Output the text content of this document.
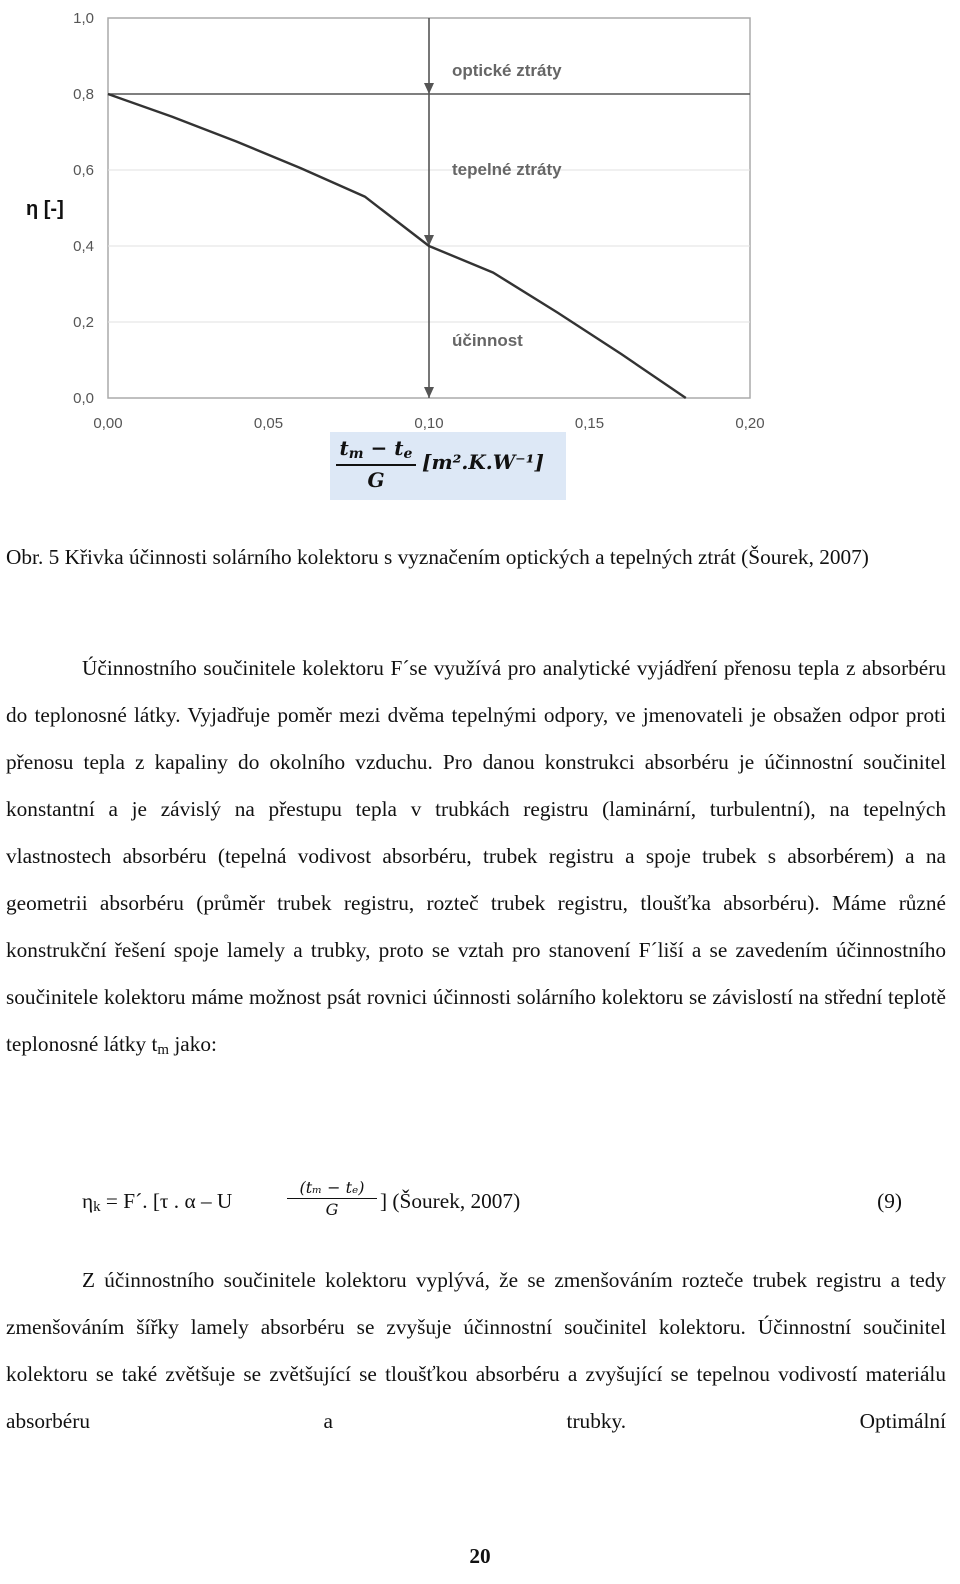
0,0
0,2
0,4
0,6
0,8
1,0
0,00	0,05	0,10	0,15	0,20
optické ztráty
tepelné ztráty
účinnost
η [-]
$\frac{t_m - t_e}{G} [m^2.K.W^{-1}]$
Obr. 5 Křivka účinnosti solárního kolektoru s vyznačením optických a tepelných ztrát (Šourek, 2007)
Účinnostního součinitele kolektoru F´se využívá pro analytické vyjádření přenosu tepla z absorbéru do teplonosné látky. Vyjadřuje poměr mezi dvěma tepelnými odpory, ve jmenovateli je obsažen odpor proti přenosu tepla z kapaliny do okolního vzduchu. Pro danou konstrukci absorbéru je účinnostní součinitel konstantní a je závislý na přestupu tepla v trubkách registru (laminární, turbulentní), na tepelných vlastnostech absorbéru (tepelná vodivost absorbéru, trubek registru a spoje trubek s absorbérem) a na geometrii absorbéru (průměr trubek registru, rozteč trubek registru, tloušťka absorbéru). Máme různé konstrukční řešení spoje lamely a trubky, proto se vztah pro stanovení F´liší a se zavedením účinnostního součinitele kolektoru máme možnost psát rovnici účinnosti solárního kolektoru se závislostí na střední teplotě teplonosné látky $t_m$ jako:
$\eta_k$ = F´. [τ . α – U	$\frac{\text{(tₘ − tₑ)}}{G}$ ] (Šourek, 2007)	(9)
Z účinnostního součinitele kolektoru vyplývá, že se zmenšováním rozteče trubek registru a tedy zmenšováním šířky lamely absorbéru se zvyšuje účinnostní součinitel kolektoru. Účinnostní součinitel kolektoru se také zvětšuje se zvětšující se tloušťkou absorbéru a zvyšující se tepelnou vodivostí materiálu absorbéru a trubky. Optimální
20
